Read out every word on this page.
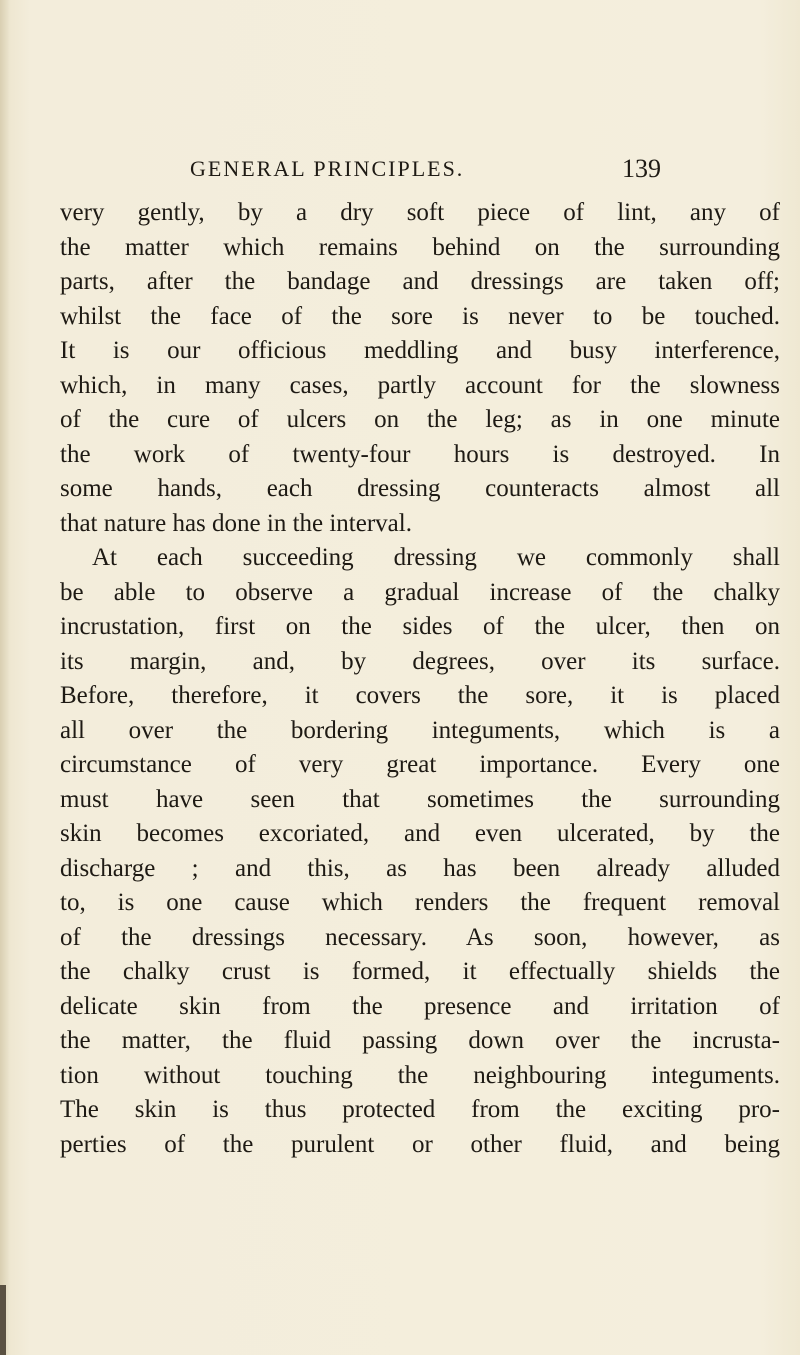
GENERAL PRINCIPLES.	139
very gently, by a dry soft piece of lint, any of
the matter which remains behind on the surrounding
parts, after the bandage and dressings are taken off;
whilst the face of the sore is never to be touched.
It is our officious meddling and busy interference,
which, in many cases, partly account for the slowness
of the cure of ulcers on the leg; as in one minute
the work of twenty-four hours is destroyed. In
some hands, each dressing counteracts almost all
that nature has done in the interval.
At each succeeding dressing we commonly shall
be able to observe a gradual increase of the chalky
incrustation, first on the sides of the ulcer, then on
its margin, and, by degrees, over its surface.
Before, therefore, it covers the sore, it is placed
all over the bordering integuments, which is a
circumstance of very great importance. Every one
must have seen that sometimes the surrounding
skin becomes excoriated, and even ulcerated, by the
discharge ; and this, as has been already alluded
to, is one cause which renders the frequent removal
of the dressings necessary. As soon, however, as
the chalky crust is formed, it effectually shields the
delicate skin from the presence and irritation of
the matter, the fluid passing down over the incrusta-
tion without touching the neighbouring integuments.
The skin is thus protected from the exciting pro-
perties of the purulent or other fluid, and being
